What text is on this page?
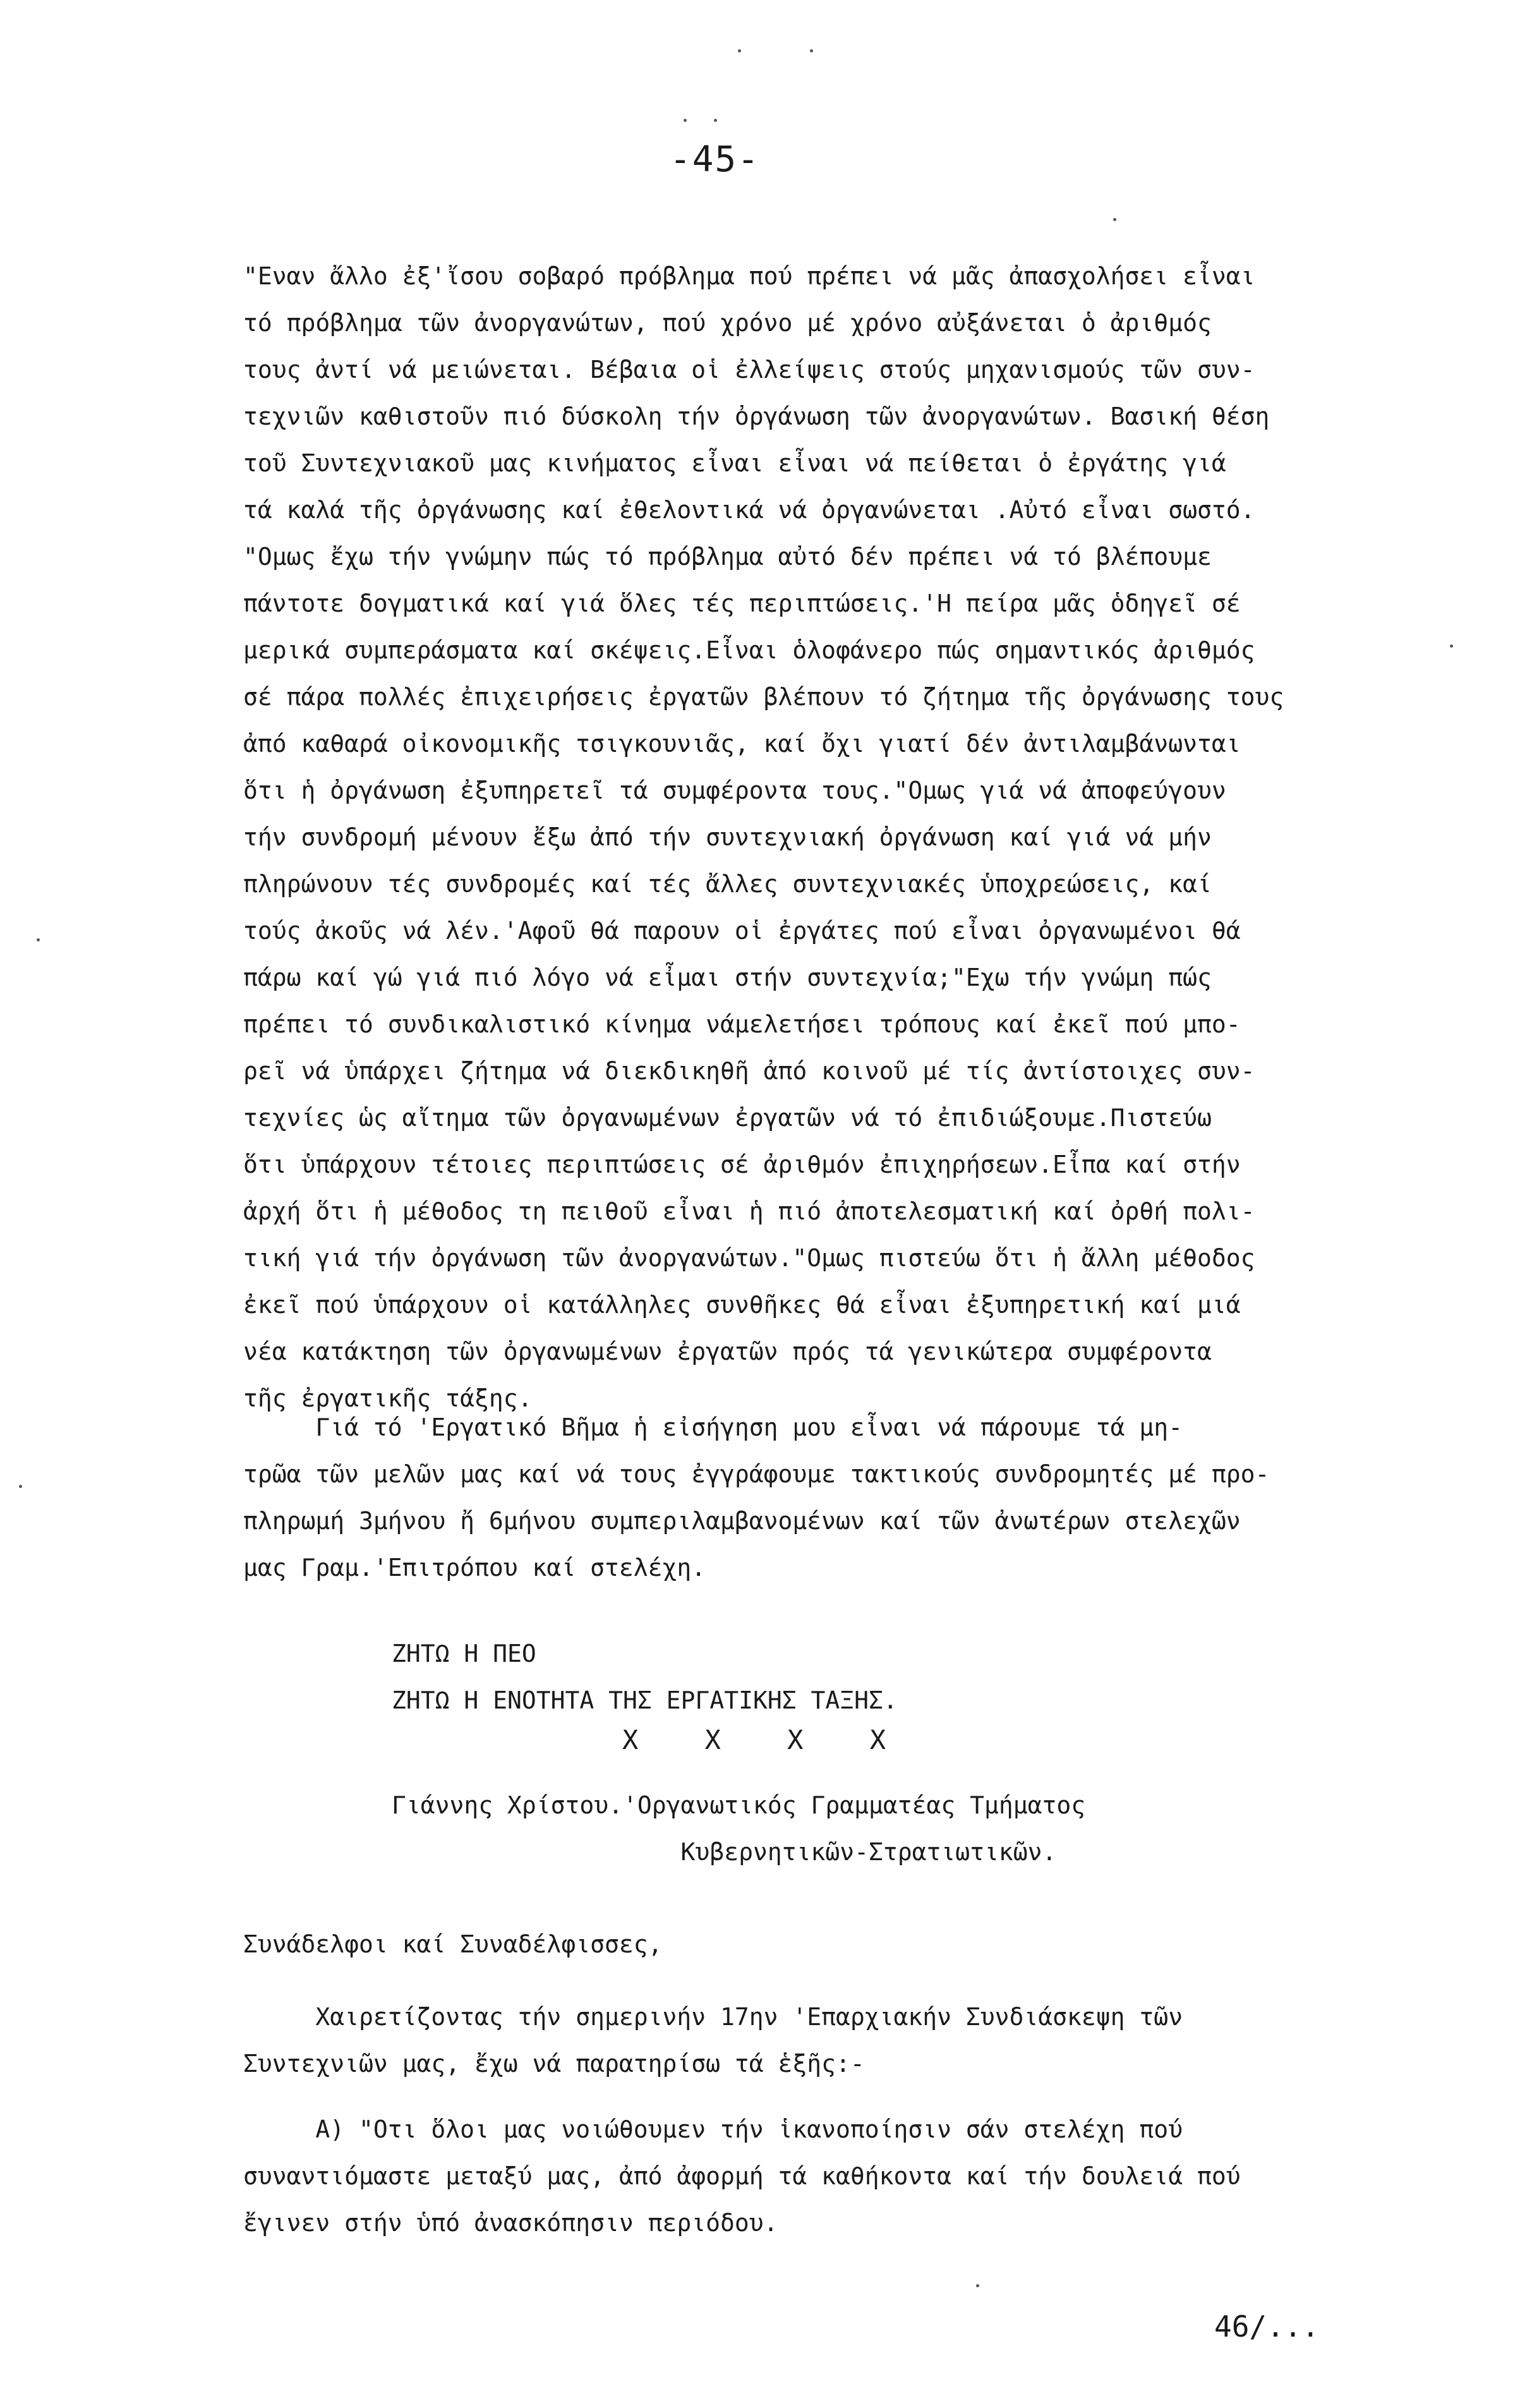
-45-
"Εναν ἄλλο ἐξ'ἴσου σοβαρό πρόβλημα πού πρέπει νά μᾶς ἀπασχολήσει εἶναι
τό πρόβλημα τῶν ἀνοργανώτων, πού χρόνο μέ χρόνο αὐξάνεται ὁ ἀριθμός
τους ἀντί νά μειώνεται. Βέβαια οἱ ἐλλείψεις στούς μηχανισμούς τῶν συν-
τεχνιῶν καθιστοῦν πιό δύσκολη τήν ὀργάνωση τῶν ἀνοργανώτων. Βασική θέση
τοῦ Συντεχνιακοῦ μας κινήματος εἶναι εἶναι νά πείθεται ὁ ἐργάτης γιά
τά καλά τῆς ὀργάνωσης καί ἐθελοντικά νά ὀργανώνεται .Αὐτό εἶναι σωστό.
"Ομως ἔχω τήν γνώμην πώς τό πρόβλημα αὐτό δέν πρέπει νά τό βλέπουμε
πάντοτε δογματικά καί γιά ὅλες τές περιπτώσεις.'Η πείρα μᾶς ὁδηγεῖ σέ
μερικά συμπεράσματα καί σκέψεις.Εἶναι ὁλοφάνερο πώς σημαντικός ἀριθμός
σέ πάρα πολλές ἐπιχειρήσεις ἐργατῶν βλέπουν τό ζήτημα τῆς ὀργάνωσης τους
ἀπό καθαρά οἰκονομικῆς τσιγκουνιᾶς, καί ὄχι γιατί δέν ἀντιλαμβάνωνται
ὅτι ἡ ὀργάνωση ἐξυπηρετεῖ τά συμφέροντα τους."Ομως γιά νά ἀποφεύγουν
τήν συνδρομή μένουν ἔξω ἀπό τήν συντεχνιακή ὀργάνωση καί γιά νά μήν
πληρώνουν τές συνδρομές καί τές ἄλλες συντεχνιακές ὑποχρεώσεις, καί
τούς ἀκοῦς νά λέν.'Αφοῦ θά παρουν οἱ ἐργάτες πού εἶναι ὀργανωμένοι θά
πάρω καί γώ γιά πιό λόγο νά εἶμαι στήν συντεχνία;"Εχω τήν γνώμη πώς
πρέπει τό συνδικαλιστικό κίνημα νάμελετήσει τρόπους καί ἐκεῖ πού μπο-
ρεῖ νά ὑπάρχει ζήτημα νά διεκδικηθῆ ἀπό κοινοῦ μέ τίς ἀντίστοιχες συν-
τεχνίες ὡς αἴτημα τῶν ὀργανωμένων ἐργατῶν νά τό ἐπιδιώξουμε.Πιστεύω
ὅτι ὑπάρχουν τέτοιες περιπτώσεις σέ ἀριθμόν ἐπιχηρήσεων.Εἶπα καί στήν
ἀρχή ὅτι ἡ μέθοδος τη πειθοῦ εἶναι ἡ πιό ἀποτελεσματική καί ὀρθή πολι-
τική γιά τήν ὀργάνωση τῶν ἀνοργανώτων."Ομως πιστεύω ὅτι ἡ ἄλλη μέθοδος
ἐκεῖ πού ὑπάρχουν οἱ κατάλληλες συνθῆκες θά εἶναι ἐξυπηρετική καί μιά
νέα κατάκτηση τῶν ὀργανωμένων ἐργατῶν πρός τά γενικώτερα συμφέροντα
τῆς ἐργατικῆς τάξης.
Γιά τό 'Εργατικό Βῆμα ἡ εἰσήγηση μου εἶναι νά πάρουμε τά μη-
τρῶα τῶν μελῶν μας καί νά τους ἐγγράφουμε τακτικούς συνδρομητές μέ προ-
πληρωμή 3μήνου ἤ 6μήνου συμπεριλαμβανομένων καί τῶν ἀνωτέρων στελεχῶν
μας Γραμ.'Επιτρόπου καί στελέχη.
ΖΗΤΩ Η ΠΕΟ
ΖΗΤΩ Η ΕΝΟΤΗΤΑ ΤΗΣ ΕΡΓΑΤΙΚΗΣ ΤΑΞΗΣ.
Χ Χ Χ Χ
Γιάννης Χρίστου.'Οργανωτικός Γραμματέας Τμήματος
Κυβερνητικῶν-Στρατιωτικῶν.
Συνάδελφοι καί Συναδέλφισσες,
Χαιρετίζοντας τήν σημερινήν 17ην 'Επαρχιακήν Συνδιάσκεψη τῶν
Συντεχνιῶν μας, ἔχω νά παρατηρίσω τά ἑξῆς:-
Α) "Οτι ὅλοι μας νοιώθουμεν τήν ἱκανοποίησιν σάν στελέχη πού
συναντιόμαστε μεταξύ μας, ἀπό ἀφορμή τά καθήκοντα καί τήν δουλειά πού
ἔγινεν στήν ὑπό ἀνασκόπησιν περιόδου.
46/...
